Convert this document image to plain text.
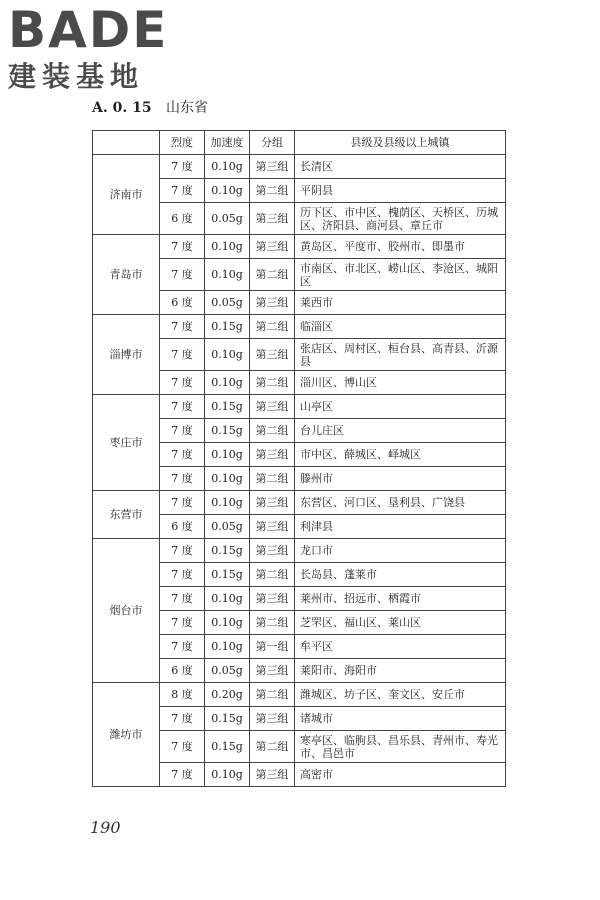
BADE
建装基地
A. 0. 15 山东省
	烈度	加速度	分组	县级及县级以上城镇
济南市	7 度	0.10g	第三组	长清区
	7 度	0.10g	第二组	平阴县
	6 度	0.05g	第三组	历下区、市中区、槐荫区、天桥区、历城区、济阳县、商河县、章丘市
青岛市	7 度	0.10g	第三组	黄岛区、平度市、胶州市、即墨市
	7 度	0.10g	第二组	市南区、市北区、崂山区、李沧区、城阳区
	6 度	0.05g	第三组	莱西市
淄博市	7 度	0.15g	第二组	临淄区
	7 度	0.10g	第三组	张店区、周村区、桓台县、高青县、沂源县
	7 度	0.10g	第二组	淄川区、博山区
枣庄市	7 度	0.15g	第三组	山亭区
	7 度	0.15g	第二组	台儿庄区
	7 度	0.10g	第三组	市中区、薛城区、峄城区
	7 度	0.10g	第二组	滕州市
东营市	7 度	0.10g	第三组	东营区、河口区、垦利县、广饶县
	6 度	0.05g	第三组	利津县
烟台市	7 度	0.15g	第三组	龙口市
	7 度	0.15g	第二组	长岛县、蓬莱市
	7 度	0.10g	第三组	莱州市、招远市、栖霞市
	7 度	0.10g	第二组	芝罘区、福山区、莱山区
	7 度	0.10g	第一组	牟平区
	6 度	0.05g	第三组	莱阳市、海阳市
潍坊市	8 度	0.20g	第二组	潍城区、坊子区、奎文区、安丘市
	7 度	0.15g	第三组	诸城市
	7 度	0.15g	第二组	寒亭区、临朐县、昌乐县、青州市、寿光市、昌邑市
	7 度	0.10g	第三组	高密市
190
